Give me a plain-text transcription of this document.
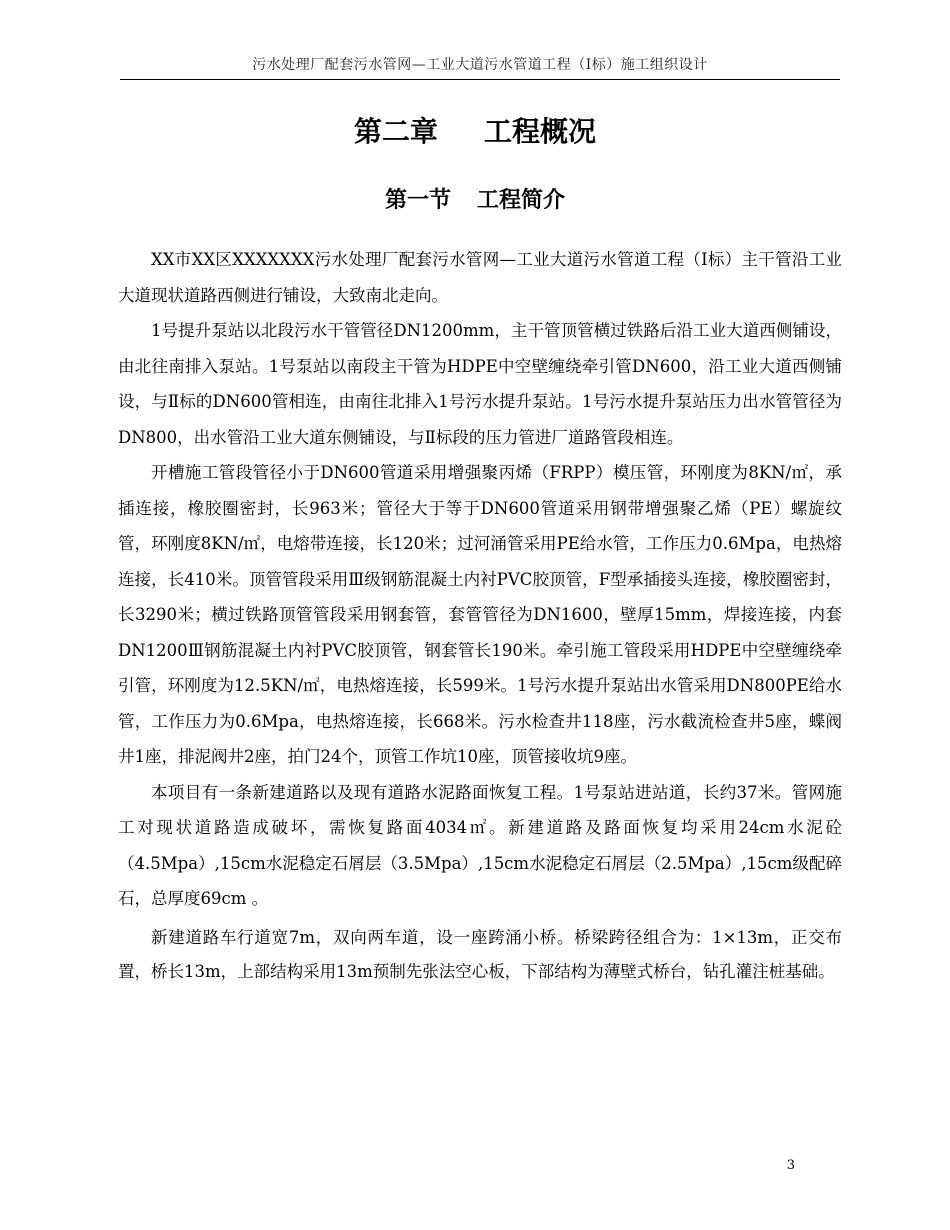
污水处理厂配套污水管网—工业大道污水管道工程（I标）施工组织设计
第二章 工程概况
第一节 工程简介

XX市XX区XXXXXXX污水处理厂配套污水管网—工业大道污水管道工程（I标）主干管沿工业大道现状道路西侧进行铺设，大致南北走向。

1号提升泵站以北段污水干管管径DN1200mm，主干管顶管横过铁路后沿工业大道西侧铺设，由北往南排入泵站。1号泵站以南段主干管为HDPE中空壁缠绕牵引管DN600，沿工业大道西侧铺设，与Ⅱ标的DN600管相连，由南往北排入1号污水提升泵站。1号污水提升泵站压力出水管管径为DN800，出水管沿工业大道东侧铺设，与Ⅱ标段的压力管进厂道路管段相连。

开槽施工管段管径小于DN600管道采用增强聚丙烯（FRPP）模压管，环刚度为8KN/㎡，承插连接，橡胶圈密封，长963米；管径大于等于DN600管道采用钢带增强聚乙烯（PE）螺旋纹管，环刚度8KN/㎡，电熔带连接，长120米；过河涌管采用PE给水管，工作压力0.6Mpa，电热熔连接，长410米。顶管管段采用Ⅲ级钢筋混凝土内衬PVC胶顶管，F型承插接头连接，橡胶圈密封，长3290米；横过铁路顶管管段采用钢套管，套管管径为DN1600，壁厚15mm，焊接连接，内套DN1200Ⅲ钢筋混凝土内衬PVC胶顶管，钢套管长190米。牵引施工管段采用HDPE中空壁缠绕牵引管，环刚度为12.5KN/㎡，电热熔连接，长599米。1号污水提升泵站出水管采用DN800PE给水管，工作压力为0.6Mpa，电热熔连接，长668米。污水检查井118座，污水截流检查井5座，蝶阀井1座，排泥阀井2座，拍门24个，顶管工作坑10座，顶管接收坑9座。

本项目有一条新建道路以及现有道路水泥路面恢复工程。1号泵站进站道，长约37米。管网施工对现状道路造成破坏，需恢复路面4034㎡。新建道路及路面恢复均采用24cm水泥砼（4.5Mpa）,15cm水泥稳定石屑层（3.5Mpa）,15cm水泥稳定石屑层（2.5Mpa）,15cm级配碎石，总厚度69cm 。

新建道路车行道宽7m，双向两车道，设一座跨涌小桥。桥梁跨径组合为：1×13m，正交布置，桥长13m，上部结构采用13m预制先张法空心板，下部结构为薄壁式桥台，钻孔灌注桩基础。

3
